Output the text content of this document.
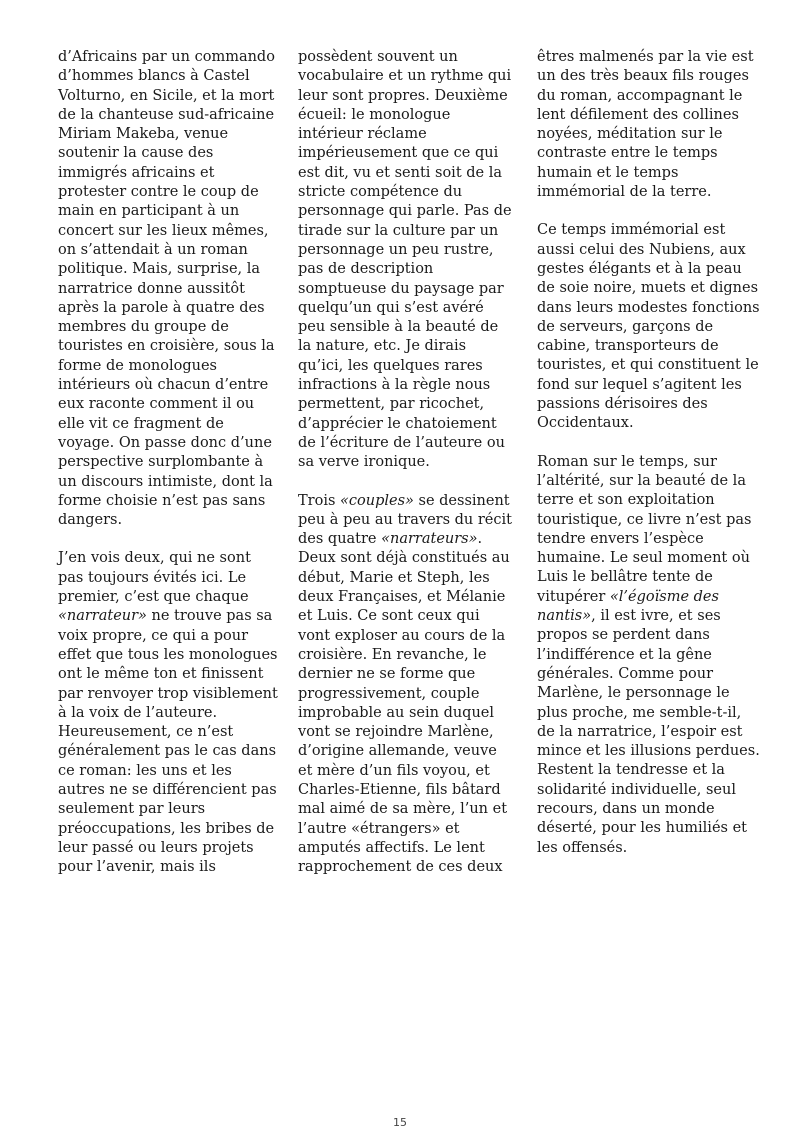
d’Africains par un commando d’hommes blancs à Castel Volturno, en Sicile, et la mort de la chanteuse sud-africaine Miriam Makeba, venue soutenir la cause des immigrés africains et protester contre le coup de main en participant à un concert sur les lieux mêmes, on s’attendait à un roman politique. Mais, surprise, la narratrice donne aussitôt après la parole à quatre des membres du groupe de touristes en croisière, sous la forme de monologues intérieurs où chacun d’entre eux raconte comment il ou elle vit ce fragment de voyage. On passe donc d’une perspective surplombante à un discours intimiste, dont la forme choisie n’est pas sans dangers.

J’en vois deux, qui ne sont pas toujours évités ici. Le premier, c’est que chaque «narrateur» ne trouve pas sa voix propre, ce qui a pour effet que tous les monologues ont le même ton et finissent par renvoyer trop visiblement à la voix de l’auteure. Heureusement, ce n’est généralement pas le cas dans ce roman: les uns et les autres ne se différencient pas seulement par leurs préoccupations, les bribes de leur passé ou leurs projets pour l’avenir, mais ils

possèdent souvent un vocabulaire et un rythme qui leur sont propres. Deuxième écueil: le monologue intérieur réclame impérieusement que ce qui est dit, vu et senti soit de la stricte compétence du personnage qui parle. Pas de tirade sur la culture par un personnage un peu rustre, pas de description somptueuse du paysage par quelqu’un qui s’est avéré peu sensible à la beauté de la nature, etc. Je dirais qu’ici, les quelques rares infractions à la règle nous permettent, par ricochet, d’apprécier le chatoiement de l’écriture de l’auteure ou sa verve ironique.

Trois «couples» se dessinent peu à peu au travers du récit des quatre «narrateurs». Deux sont déjà constitués au début, Marie et Steph, les deux Françaises, et Mélanie et Luis. Ce sont ceux qui vont exploser au cours de la croisière. En revanche, le dernier ne se forme que progressivement, couple improbable au sein duquel vont se rejoindre Marlène, d’origine allemande, veuve et mère d’un fils voyou, et Charles-Etienne, fils bâtard mal aimé de sa mère, l’un et l’autre «étrangers» et amputés affectifs. Le lent rapprochement de ces deux

êtres malmenés par la vie est un des très beaux fils rouges du roman, accompagnant le lent défilement des collines noyées, méditation sur le contraste entre le temps humain et le temps immémorial de la terre.

Ce temps immémorial est aussi celui des Nubiens, aux gestes élégants et à la peau de soie noire, muets et dignes dans leurs modestes fonctions de serveurs, garçons de cabine, transporteurs de touristes, et qui constituent le fond sur lequel s’agitent les passions dérisoires des Occidentaux.

Roman sur le temps, sur l’altérité, sur la beauté de la terre et son exploitation touristique, ce livre n’est pas tendre envers l’espèce humaine. Le seul moment où Luis le bellâtre tente de vitupérer «l’égoïsme des nantis», il est ivre, et ses propos se perdent dans l’indifférence et la gêne générales. Comme pour Marlène, le personnage le plus proche, me semble-t-il, de la narratrice, l’espoir est mince et les illusions perdues. Restent la tendresse et la solidarité individuelle, seul recours, dans un monde déserté, pour les humiliés et les offensés.

15
